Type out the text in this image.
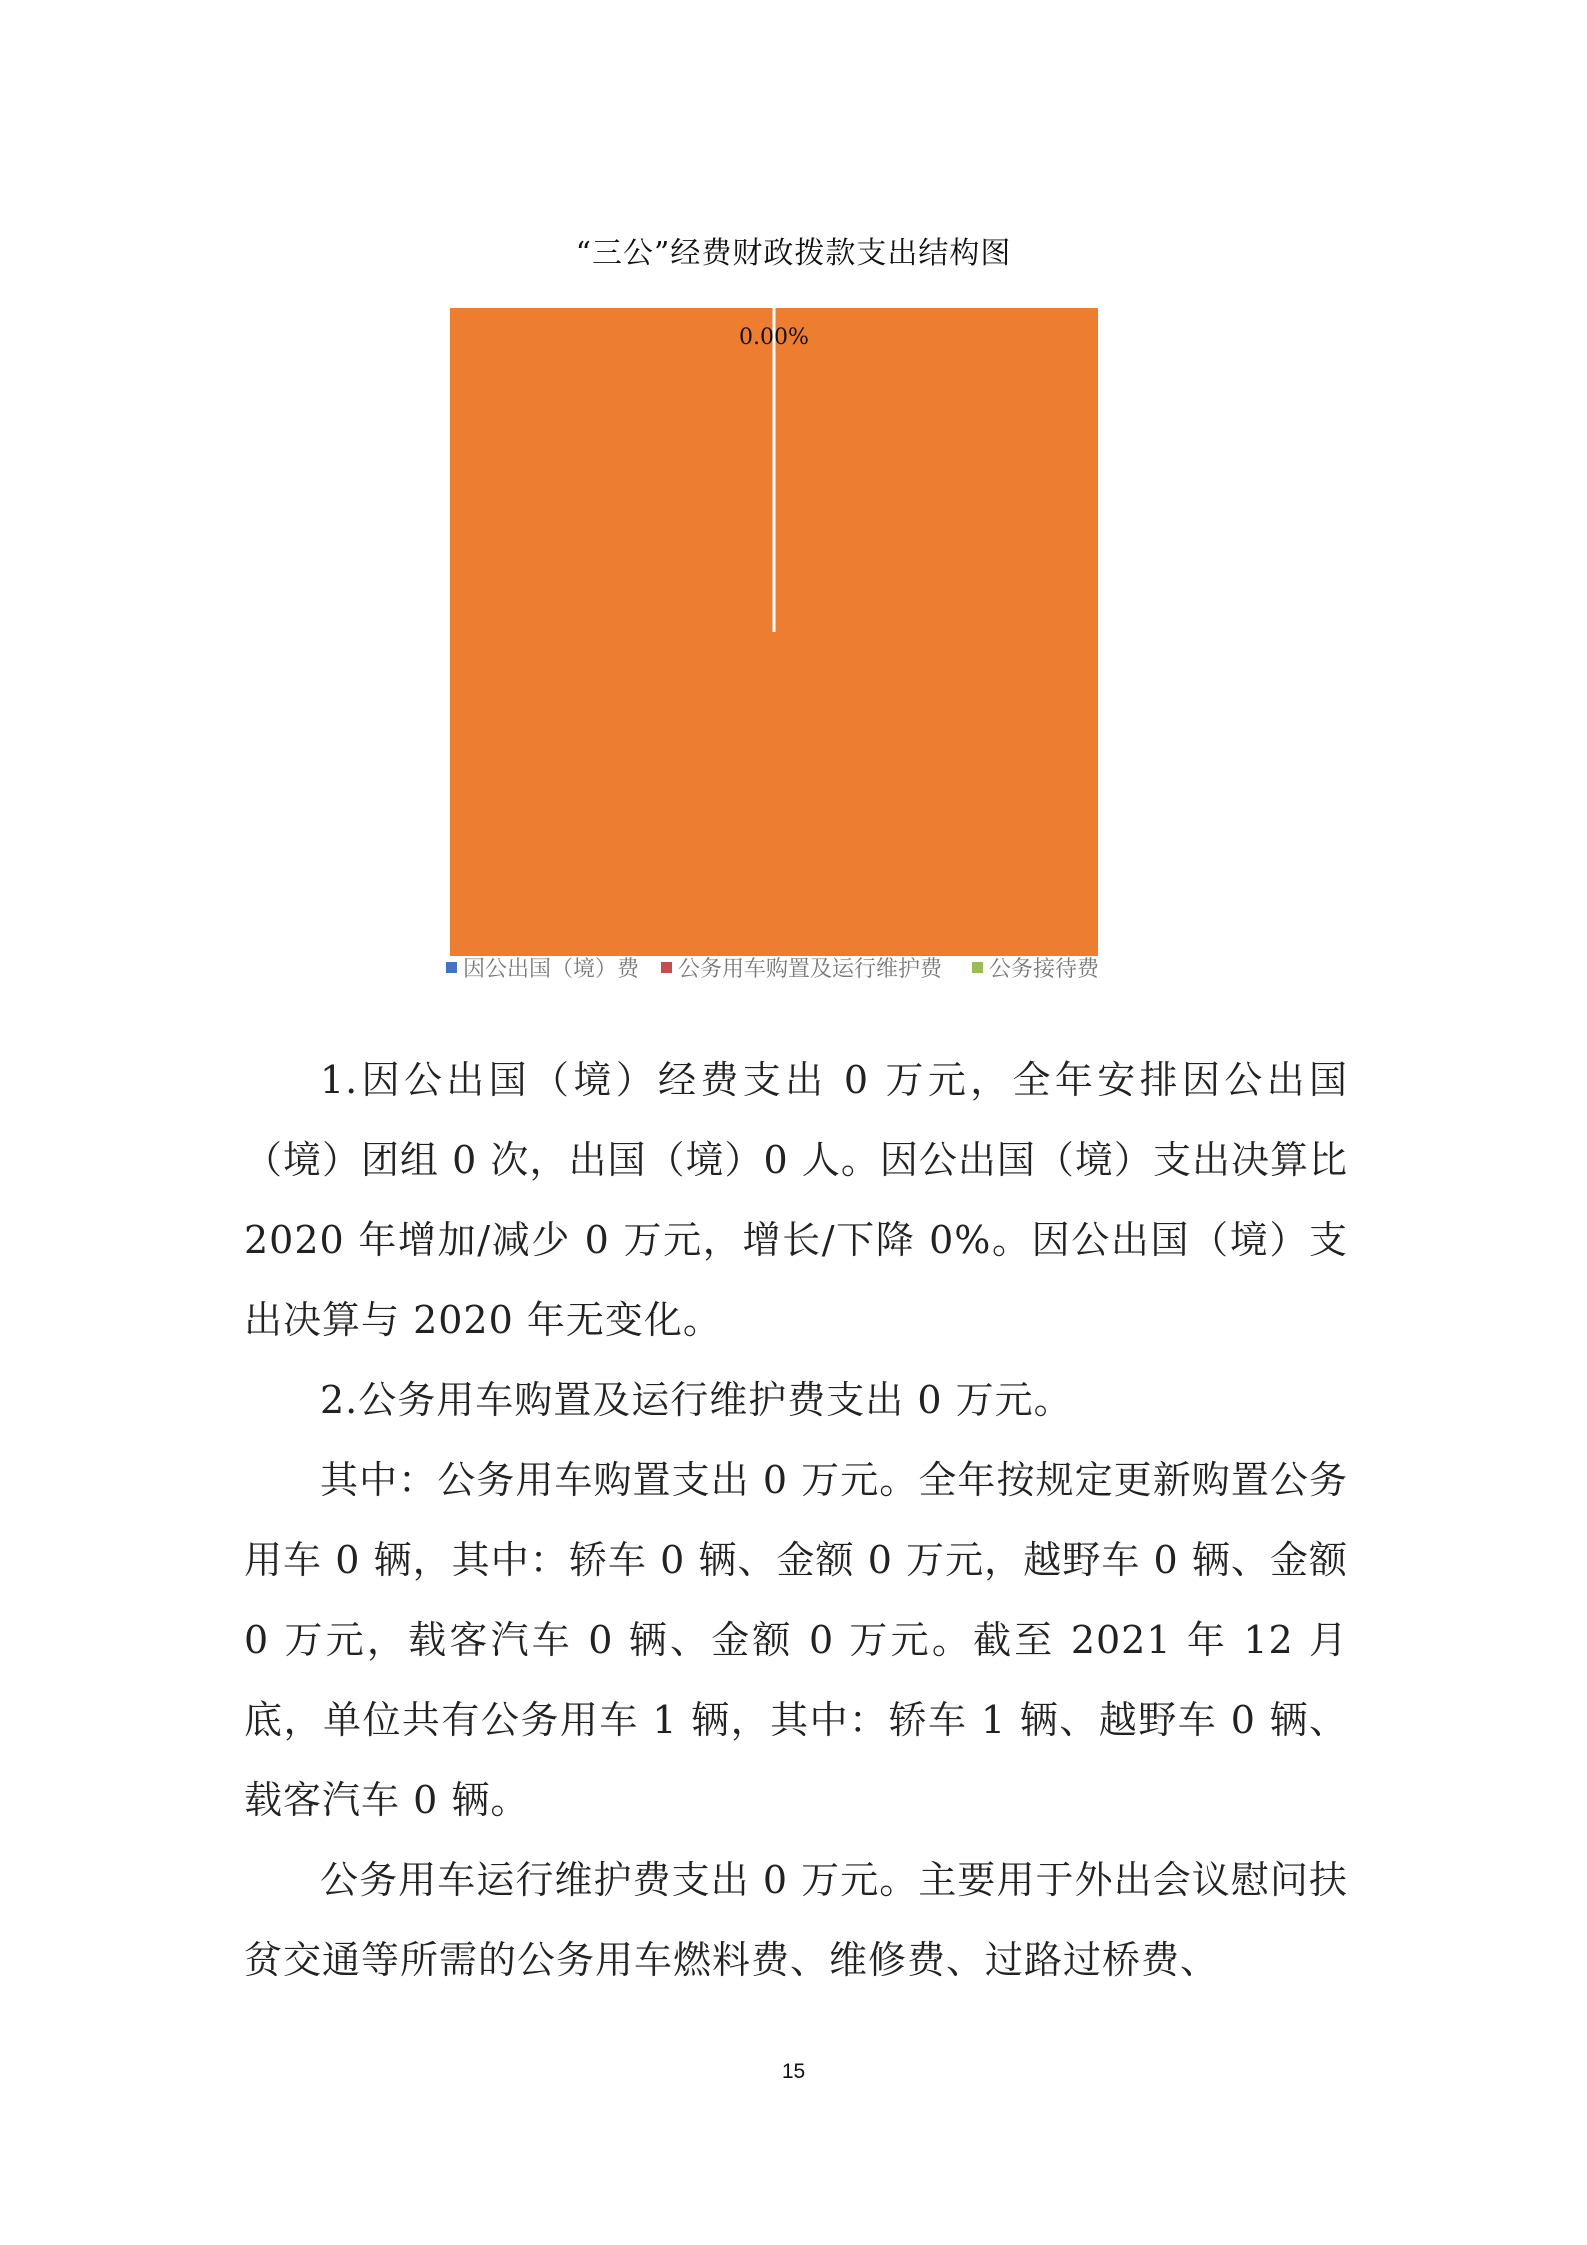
“三公”经费财政拨款支出结构图
0.00%
因公出国（境）费 公务用车购置及运行维护费 公务接待费

1.因公出国（境）经费支出 0 万元，全年安排因公出国（境）团组 0 次，出国（境）0 人。因公出国（境）支出决算比 2020 年增加/减少 0 万元，增长/下降 0%。因公出国（境）支出决算与 2020 年无变化。

2.公务用车购置及运行维护费支出 0 万元。

其中：公务用车购置支出 0 万元。全年按规定更新购置公务用车 0 辆，其中：轿车 0 辆、金额 0 万元，越野车 0 辆、金额 0 万元，载客汽车 0 辆、金额 0 万元。截至 2021 年 12 月底，单位共有公务用车 1 辆，其中：轿车 1 辆、越野车 0 辆、载客汽车 0 辆。

公务用车运行维护费支出 0 万元。主要用于外出会议慰问扶贫交通等所需的公务用车燃料费、维修费、过路过桥费、

15
